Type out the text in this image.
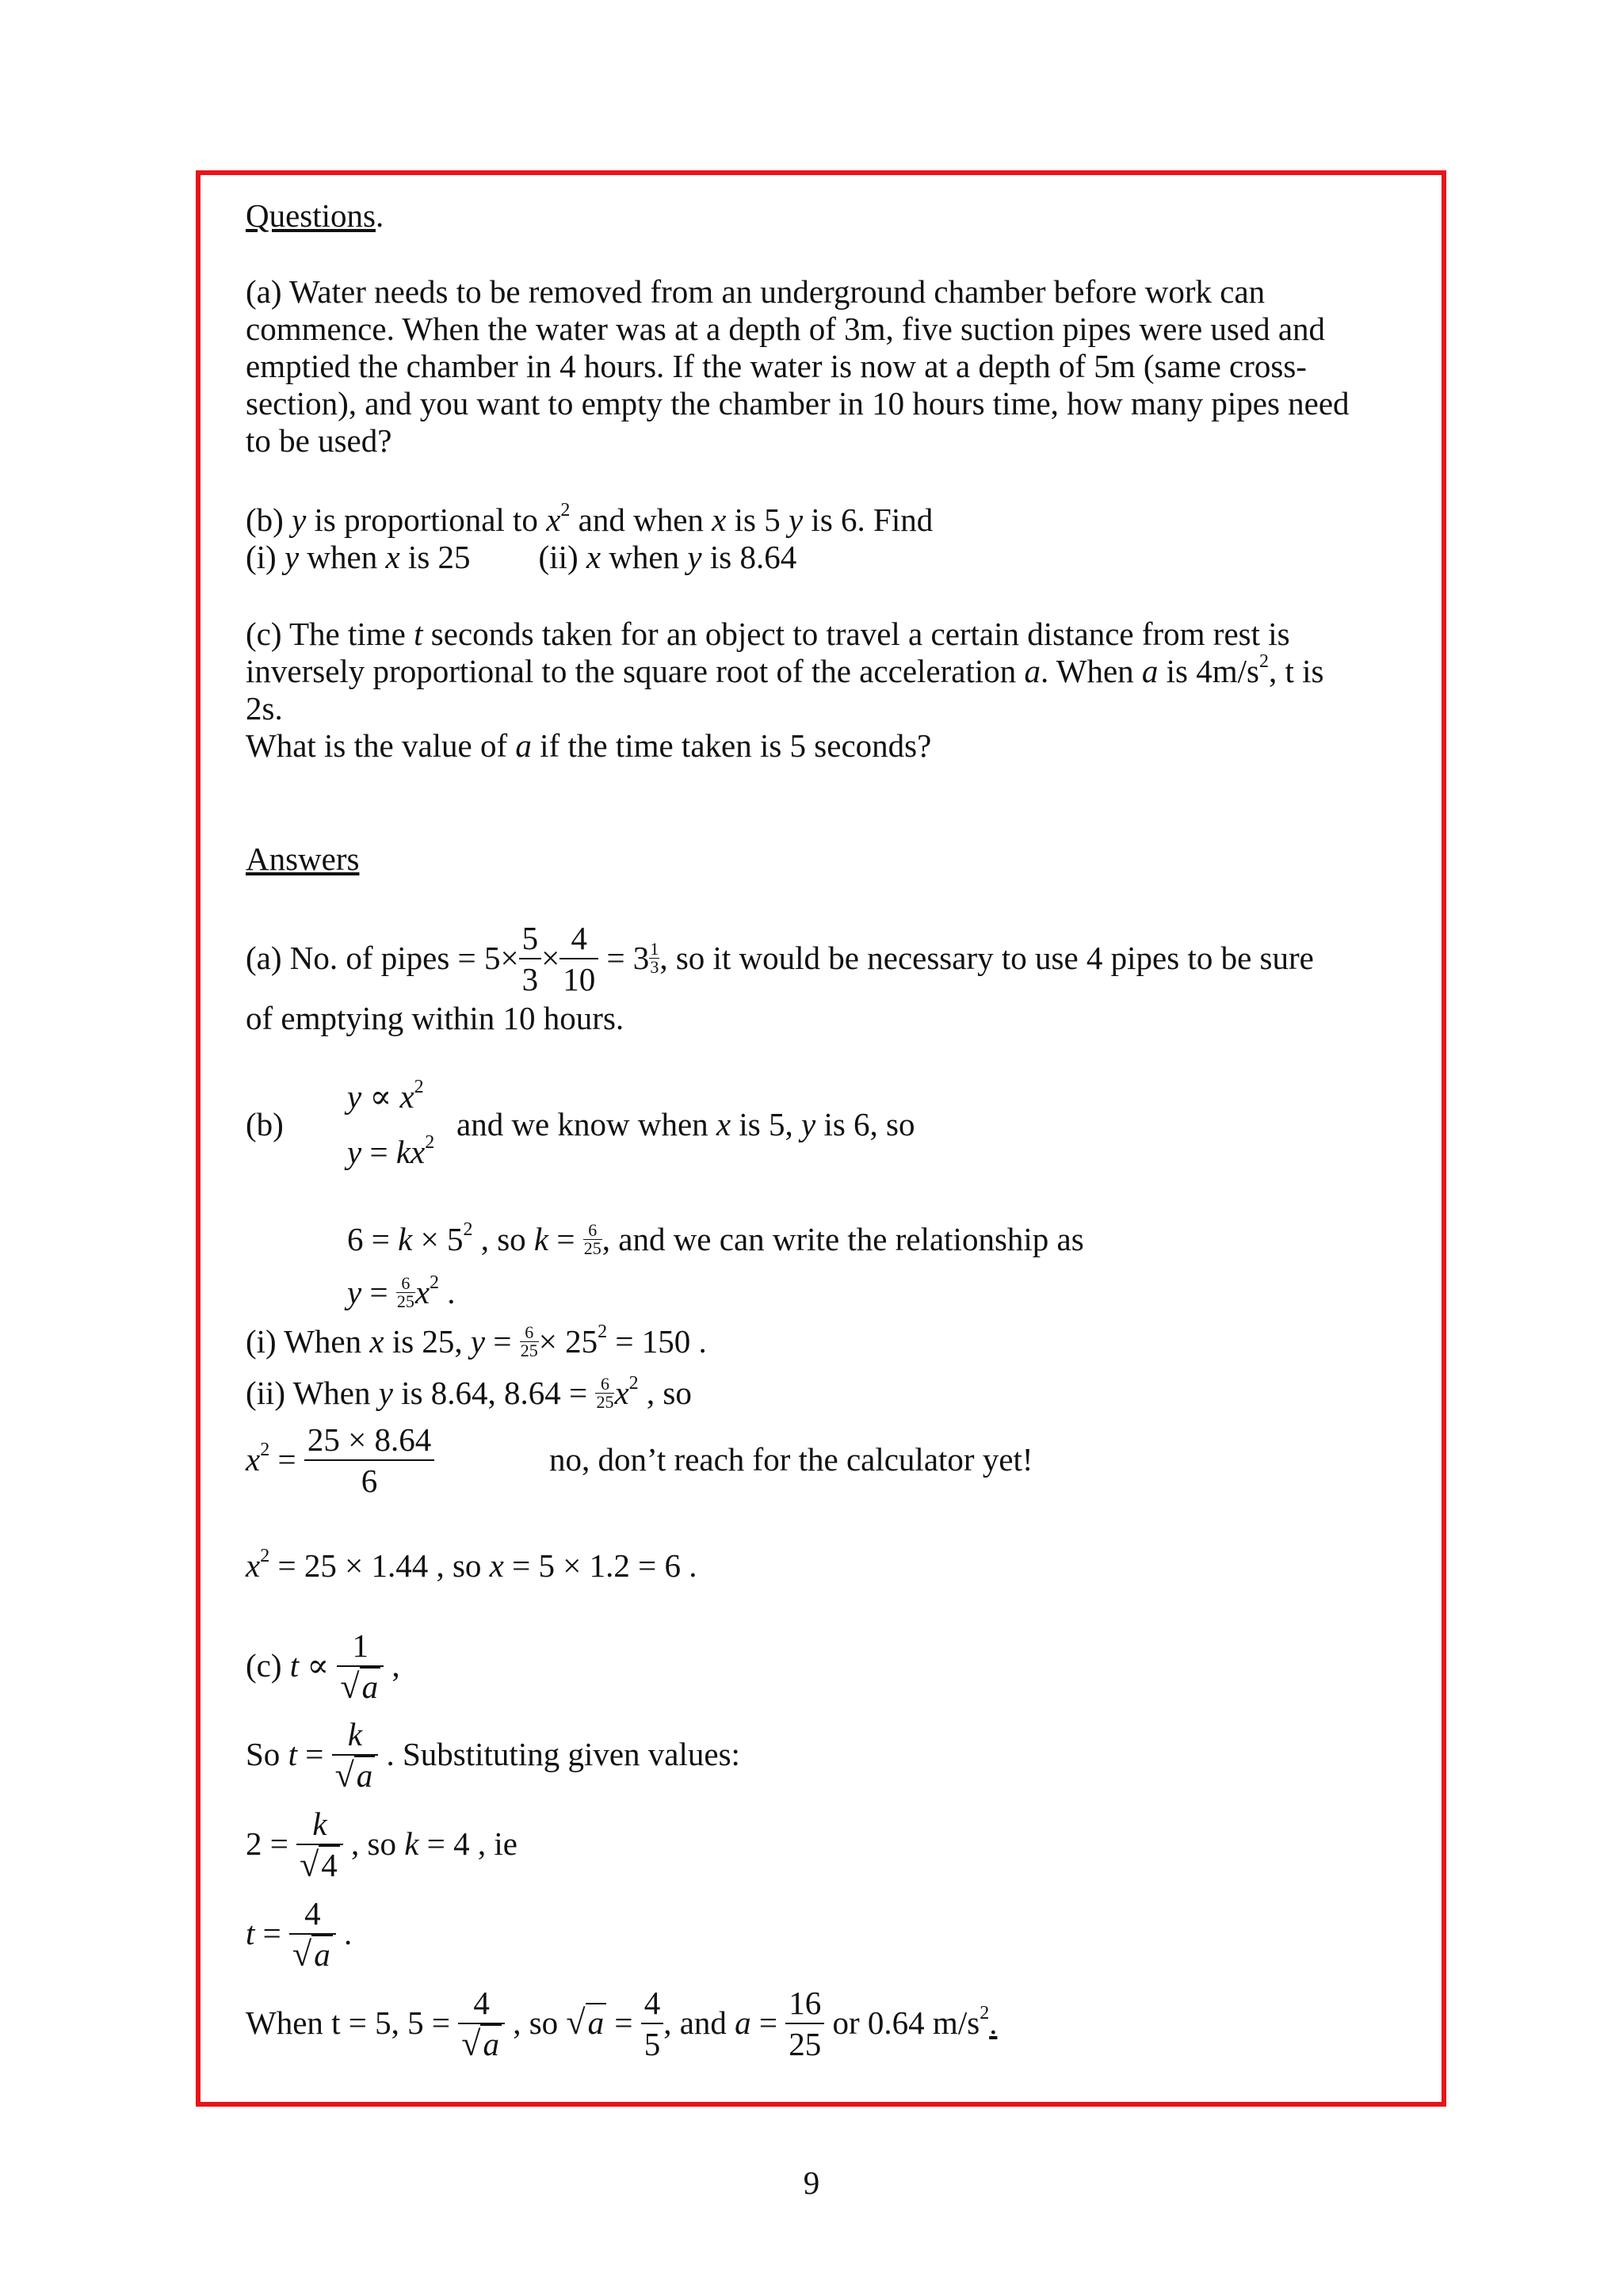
Questions.
(a) Water needs to be removed from an underground chamber before work can
commence. When the water was at a depth of 3m, five suction pipes were used and
emptied the chamber in 4 hours. If the water is now at a depth of 5m (same cross-
section), and you want to empty the chamber in 10 hours time, how many pipes need
to be used?
(b) y is proportional to $x^2$ and when x is 5 y is 6. Find
(i) y when x is 25 (ii) x when y is 8.64
(c) The time t seconds taken for an object to travel a certain distance from rest is
inversely proportional to the square root of the acceleration a. When a is $4m/s^2$, t is
2s.
What is the value of a if the time taken is 5 seconds?
Answers
(a) No. of pipes = $5\times \frac{5}{3} \times \frac{4}{10} = 3 \frac{1}{3}$ , so it would be necessary to use 4 pipes to be sure
of emptying within 10 hours.
(b)
$y \propto x^2$
$y = kx^2$ and we know when x is 5, y is 6, so
$6 = k \times 5^2$ , so $k = \frac{6}{25}$ , and we can write the relationship as
$y = \frac{6}{25} x^2$ .
(i) When x is 25, $y = \frac{6}{25} \times 25^2 = 150$ .
(ii) When y is 8.64, $8.64 = \frac{6}{25} x^2$ , so
$x^2 = \frac{25 \times 8.64}{6}$	no, don’t reach for the calculator yet!
$x^2 = 25 \times 1.44$ , so x = 5 × 1.2 = 6 .
(c) $t \propto \frac{1}{√a}$ ,
So $t = \frac{k}{√a}$ . Substituting given values:
$2 = \frac{k}{√4}$ , so k = 4 , ie
$t = \frac{4}{√a}$ .
When t = 5, $5 = \frac{4}{√a}$ , so $√a = \frac{4}{5}$ , and $a = \frac{16}{25}$ or 0.64 $m/s^2$.
9
